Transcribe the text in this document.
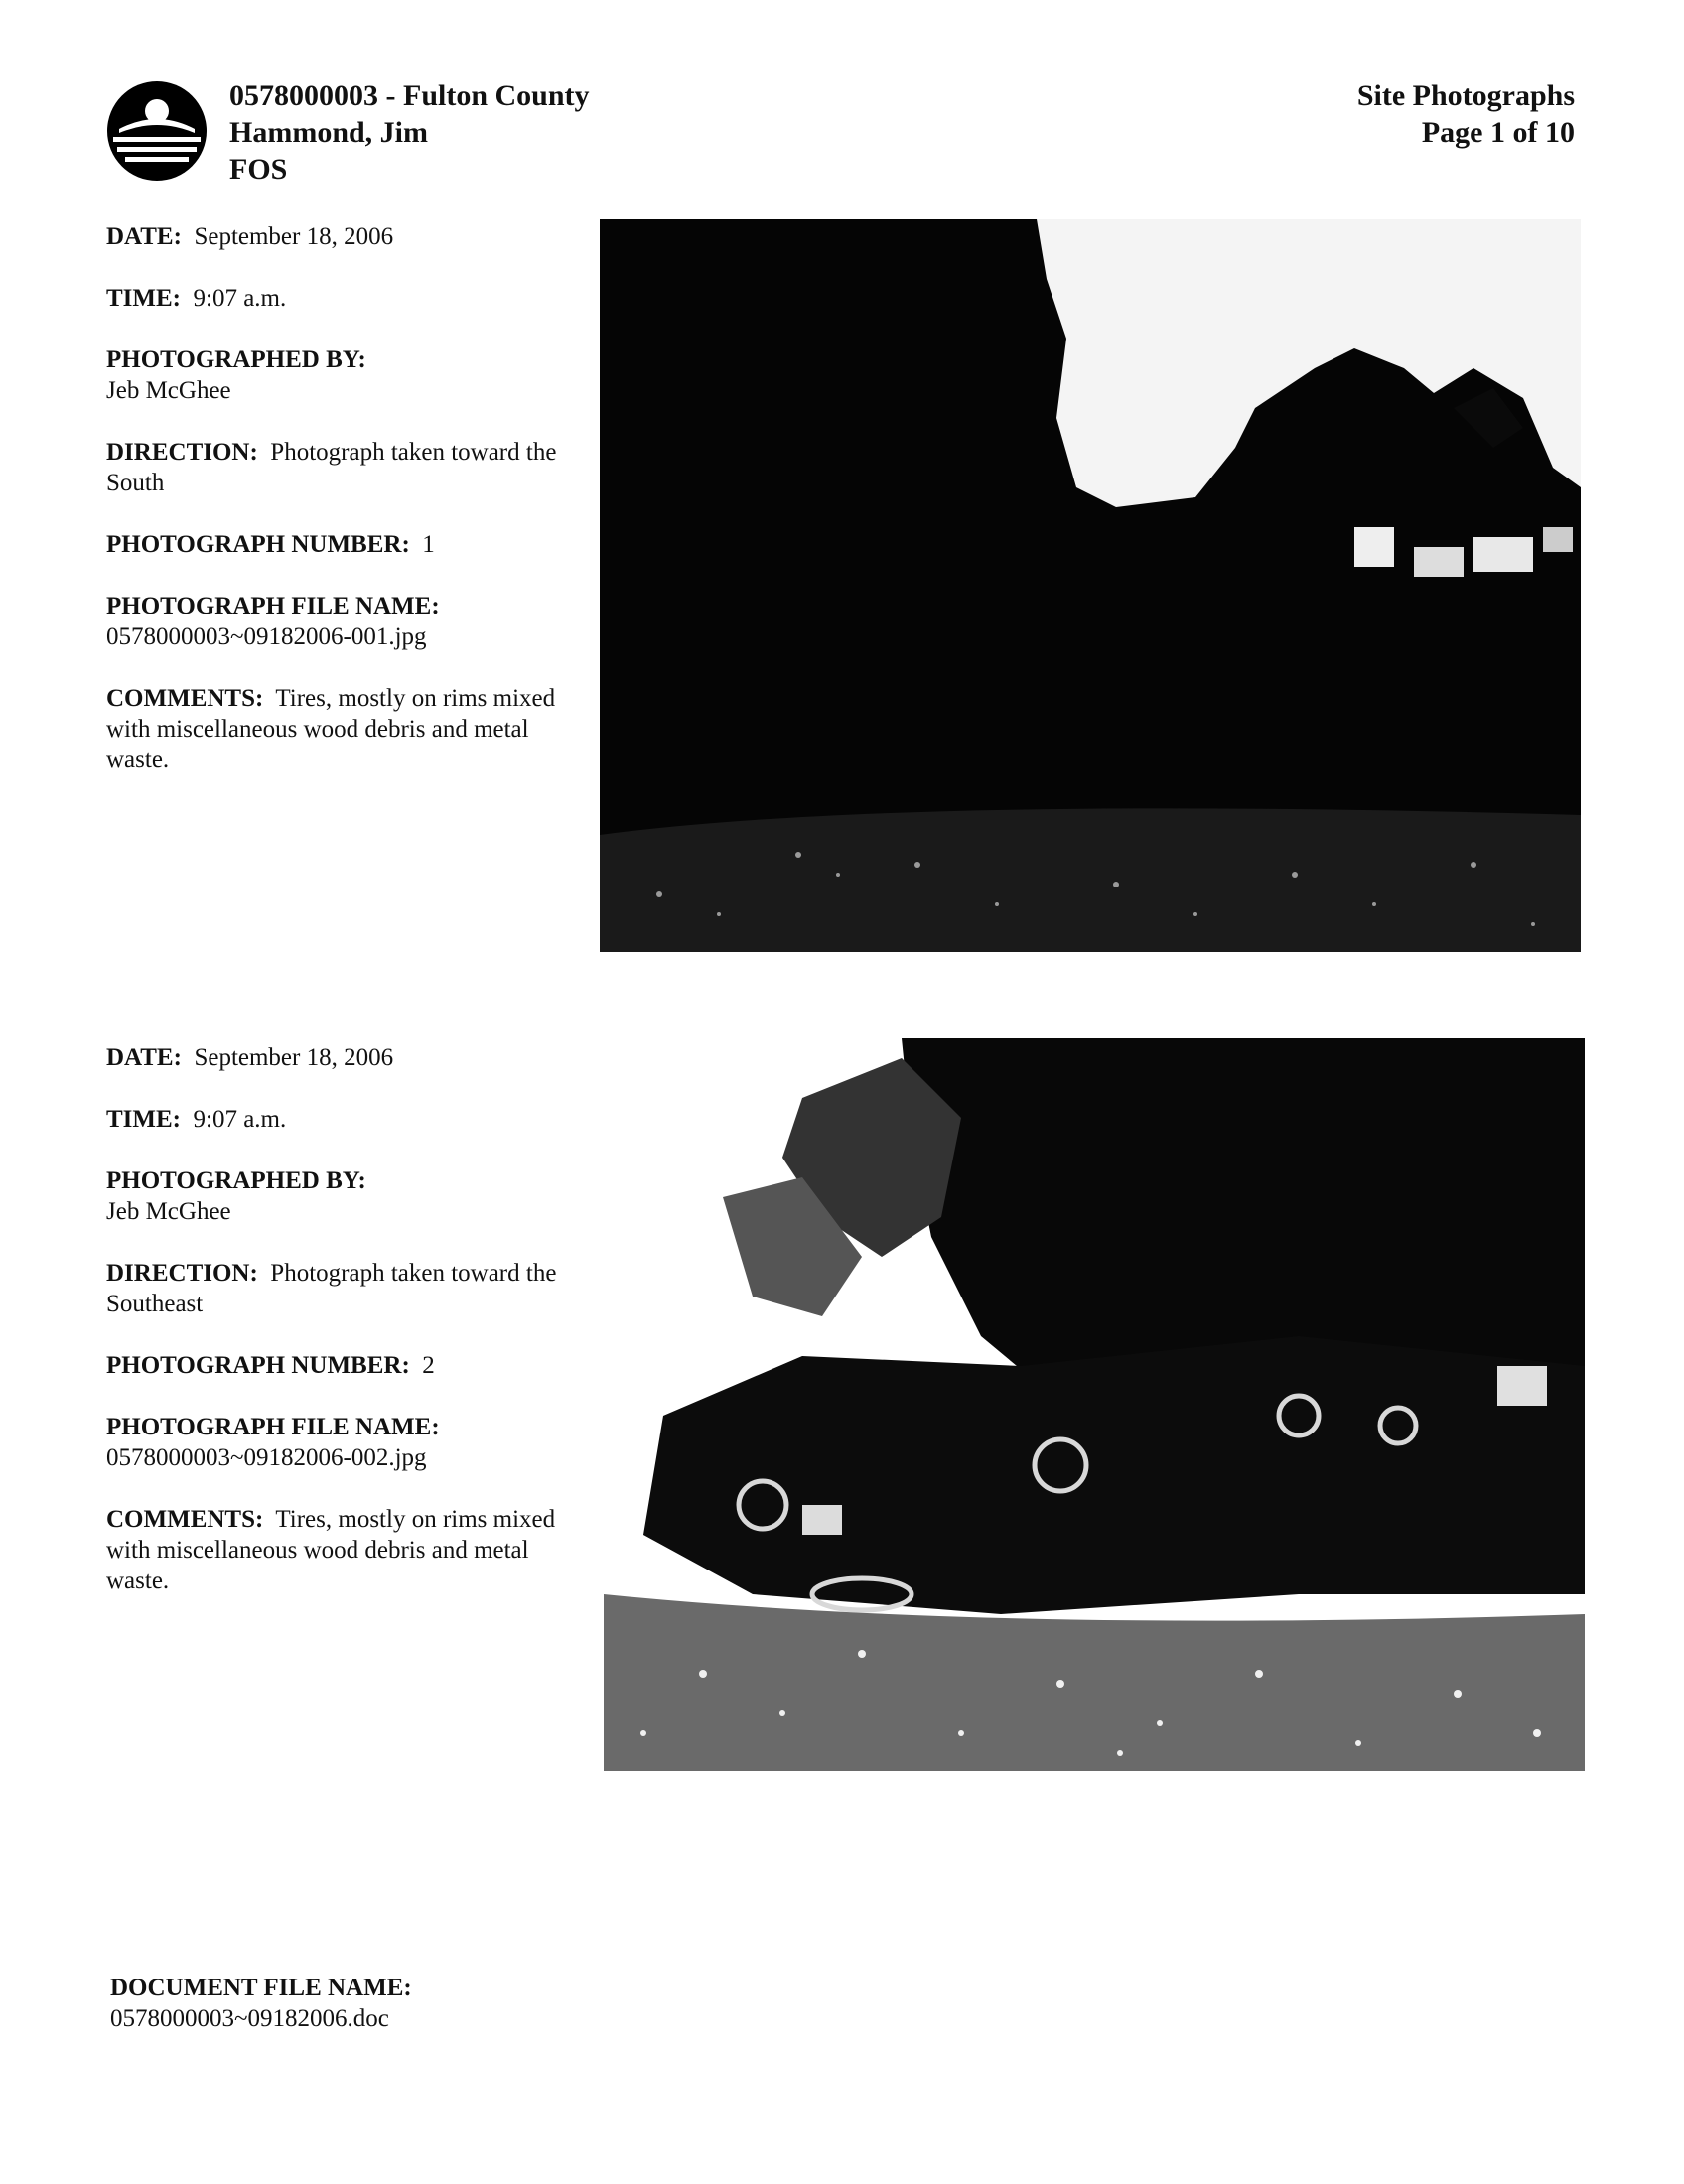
0578000003 - Fulton County
Hammond, Jim
FOS
Site Photographs
Page 1 of 10

DATE: September 18, 2006

TIME: 9:07 a.m.

PHOTOGRAPHED BY:
Jeb McGhee

DIRECTION: Photograph taken toward the South

PHOTOGRAPH NUMBER: 1

PHOTOGRAPH FILE NAME:
0578000003~09182006-001.jpg

COMMENTS: Tires, mostly on rims mixed with miscellaneous wood debris and metal waste.

DATE: September 18, 2006

TIME: 9:07 a.m.

PHOTOGRAPHED BY:
Jeb McGhee

DIRECTION: Photograph taken toward the Southeast

PHOTOGRAPH NUMBER: 2

PHOTOGRAPH FILE NAME:
0578000003~09182006-002.jpg

COMMENTS: Tires, mostly on rims mixed with miscellaneous wood debris and metal waste.

DOCUMENT FILE NAME:
0578000003~09182006.doc
